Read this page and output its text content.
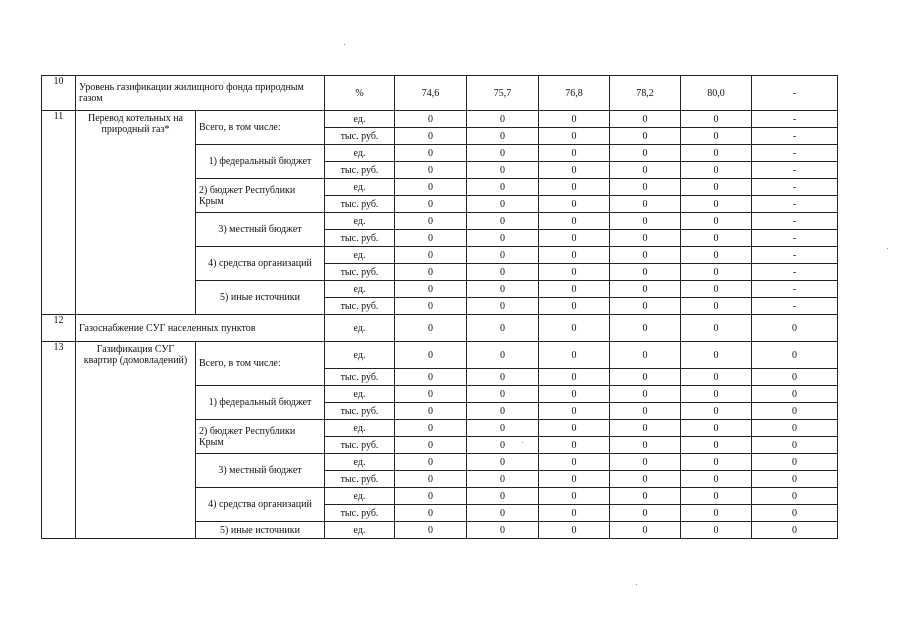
10	Уровень газификации жилищного фонда природным газом		%	74,6	75,7	76,8	78,2	80,0	-
11	Перевод котельных на природный газ*	Всего, в том числе:	ед.	0	0	0	0	0	-
			тыс. руб.	0	0	0	0	0	-
		1) федеральный бюджет	ед.	0	0	0	0	0	-
			тыс. руб.	0	0	0	0	0	-
		2) бюджет Республики Крым	ед.	0	0	0	0	0	-
			тыс. руб.	0	0	0	0	0	-
		3) местный бюджет	ед.	0	0	0	0	0	-
			тыс. руб.	0	0	0	0	0	-
		4) средства организаций	ед.	0	0	0	0	0	-
			тыс. руб.	0	0	0	0	0	-
		5) иные источники	ед.	0	0	0	0	0	-
			тыс. руб.	0	0	0	0	0	-
12	Газоснабжение СУГ населенных пунктов		ед.	0	0	0	0	0	0
13	Газификация СУГ квартир (домовладений)	Всего, в том числе:	ед.	0	0	0	0	0	0
			тыс. руб.	0	0	0	0	0	0
		1) федеральный бюджет	ед.	0	0	0	0	0	0
			тыс. руб.	0	0	0	0	0	0
		2) бюджет Республики Крым	ед.	0	0	0	0	0	0
			тыс. руб.	0	0	0	0	0	0
		3) местный бюджет	ед.	0	0	0	0	0	0
			тыс. руб.	0	0	0	0	0	0
		4) средства организаций	ед.	0	0	0	0	0	0
			тыс. руб.	0	0	0	0	0	0
		5) иные источники	ед.	0	0	0	0	0	0
